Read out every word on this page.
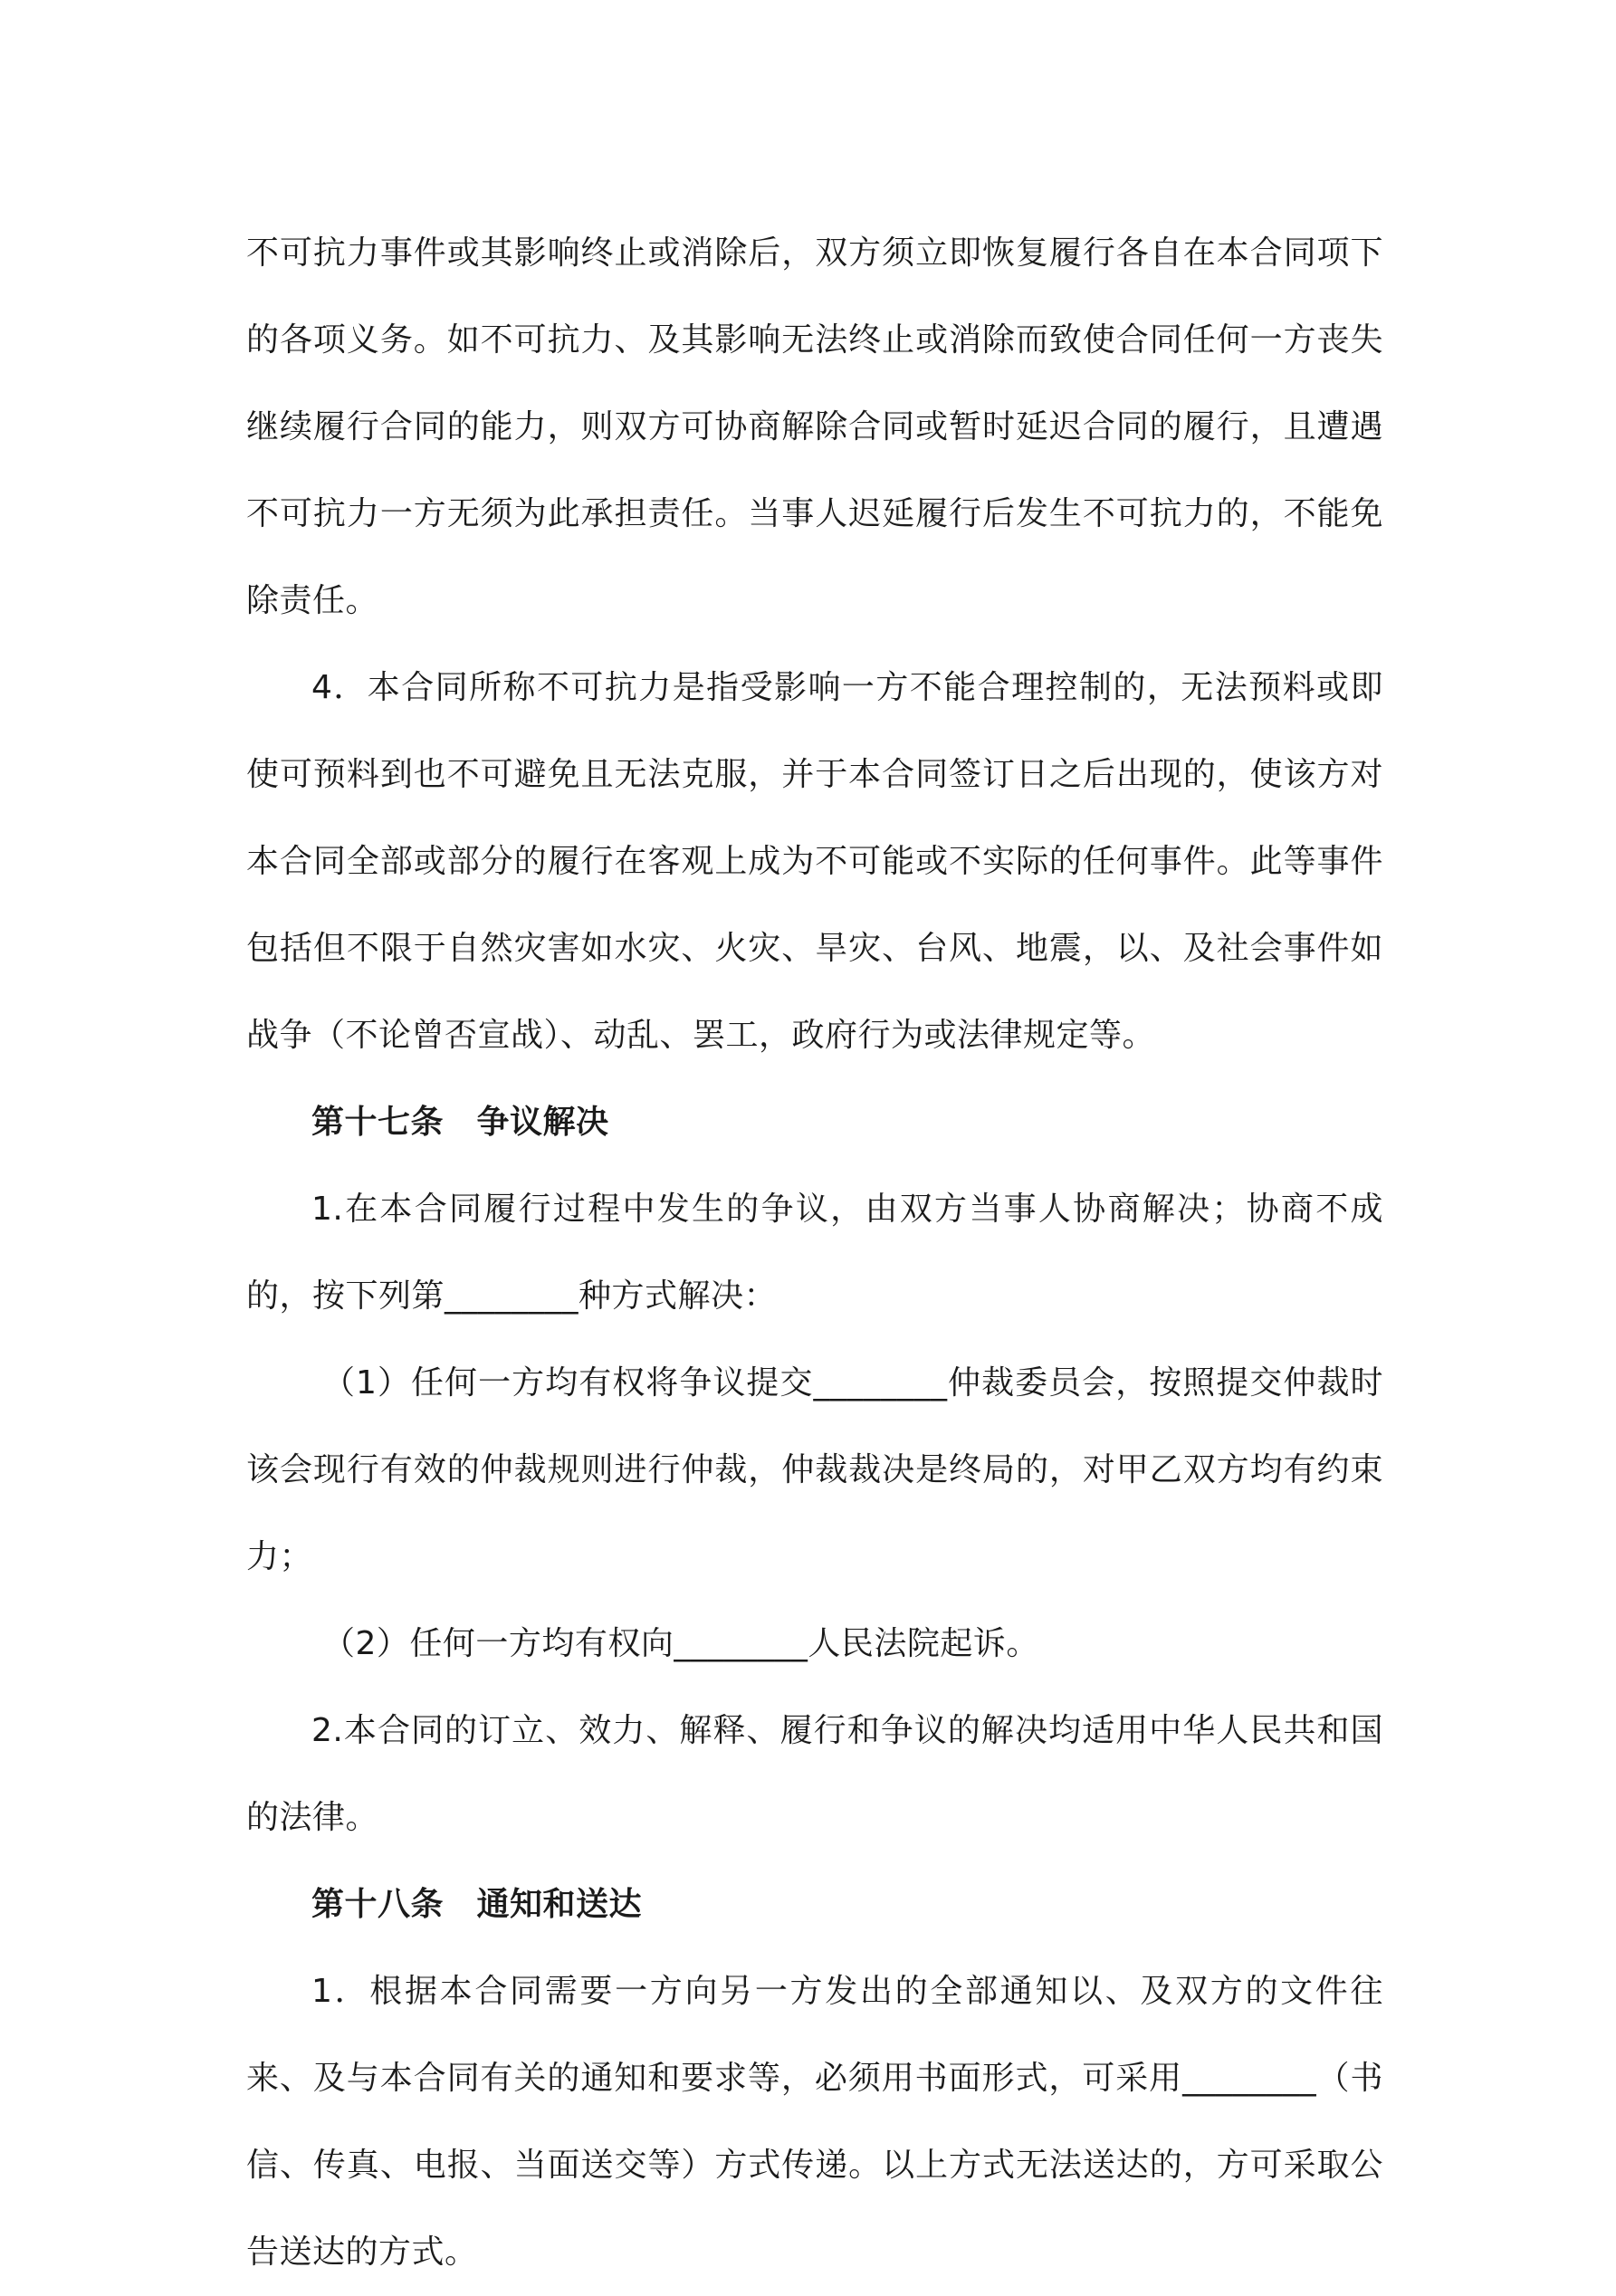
不可抗力事件或其影响终止或消除后，双方须立即恢复履行各自在本合同项下的各项义务。如不可抗力、及其影响无法终止或消除而致使合同任何一方丧失继续履行合同的能力，则双方可协商解除合同或暂时延迟合同的履行，且遭遇不可抗力一方无须为此承担责任。当事人迟延履行后发生不可抗力的，不能免除责任。

4．本合同所称不可抗力是指受影响一方不能合理控制的，无法预料或即使可预料到也不可避免且无法克服，并于本合同签订日之后出现的，使该方对本合同全部或部分的履行在客观上成为不可能或不实际的任何事件。此等事件包括但不限于自然灾害如水灾、火灾、旱灾、台风、地震，以、及社会事件如战争（不论曾否宣战）、动乱、罢工，政府行为或法律规定等。

第十七条　争议解决

1.在本合同履行过程中发生的争议，由双方当事人协商解决；协商不成的，按下列第________种方式解决：

（1）任何一方均有权将争议提交________仲裁委员会，按照提交仲裁时该会现行有效的仲裁规则进行仲裁，仲裁裁决是终局的，对甲乙双方均有约束力；

（2）任何一方均有权向________人民法院起诉。

2.本合同的订立、效力、解释、履行和争议的解决均适用中华人民共和国的法律。

第十八条　通知和送达

1．根据本合同需要一方向另一方发出的全部通知以、及双方的文件往来、及与本合同有关的通知和要求等，必须用书面形式，可采用________（书信、传真、电报、当面送交等）方式传递。以上方式无法送达的，方可采取公告送达的方式。
